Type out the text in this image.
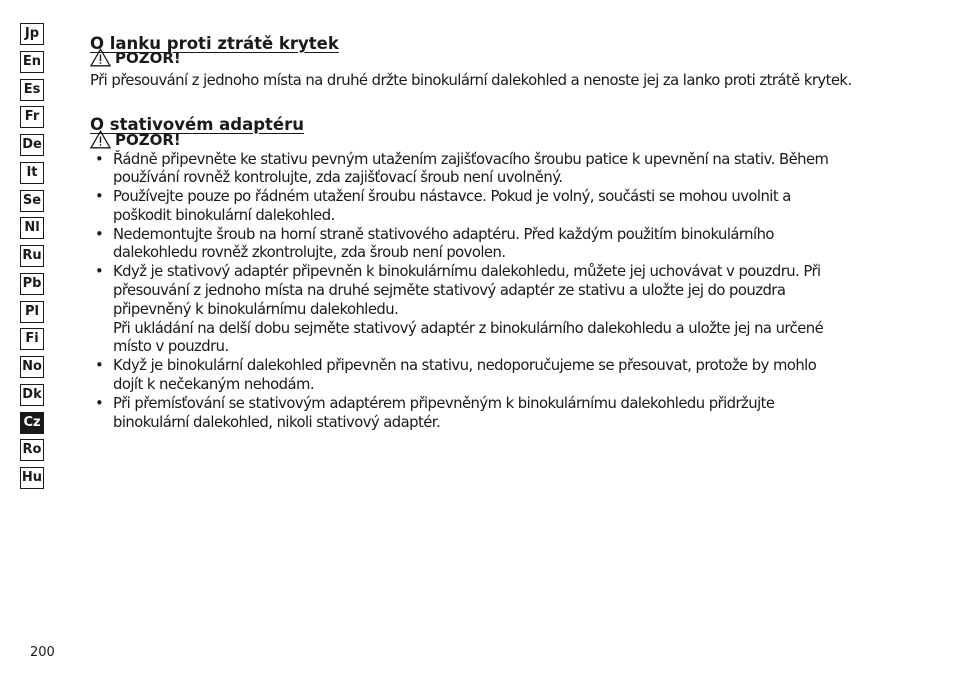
Jp
En
Es
Fr
De
It
Se
Nl
Ru
Pb
Pl
Fi
No
Dk
Cz
Ro
Hu
O lanku proti ztrátě krytek
POZOR!

Při přesouvání z jednoho místa na druhé držte binokulární dalekohled a nenoste jej za lanko proti ztrátě krytek.

O stativovém adaptéru
POZOR!
• Řádně připevněte ke stativu pevným utažením zajišťovacího šroubu patice k upevnění na stativ. Během
používání rovněž kontrolujte, zda zajišťovací šroub není uvolněný.
• Používejte pouze po řádném utažení šroubu nástavce. Pokud je volný, součásti se mohou uvolnit a
poškodit binokulární dalekohled.
• Nedemontujte šroub na horní straně stativového adaptéru. Před každým použitím binokulárního
dalekohledu rovněž zkontrolujte, zda šroub není povolen.
• Když je stativový adaptér připevněn k binokulárnímu dalekohledu, můžete jej uchovávat v pouzdru. Při
přesouvání z jednoho místa na druhé sejměte stativový adaptér ze stativu a uložte jej do pouzdra
připevněný k binokulárnímu dalekohledu.
Při ukládání na delší dobu sejměte stativový adaptér z binokulárního dalekohledu a uložte jej na určené
místo v pouzdru.
• Když je binokulární dalekohled připevněn na stativu, nedoporučujeme se přesouvat, protože by mohlo
dojít k nečekaným nehodám.
• Při přemísťování se stativovým adaptérem připevněným k binokulárnímu dalekohledu přidržujte
binokulární dalekohled, nikoli stativový adaptér.
200
